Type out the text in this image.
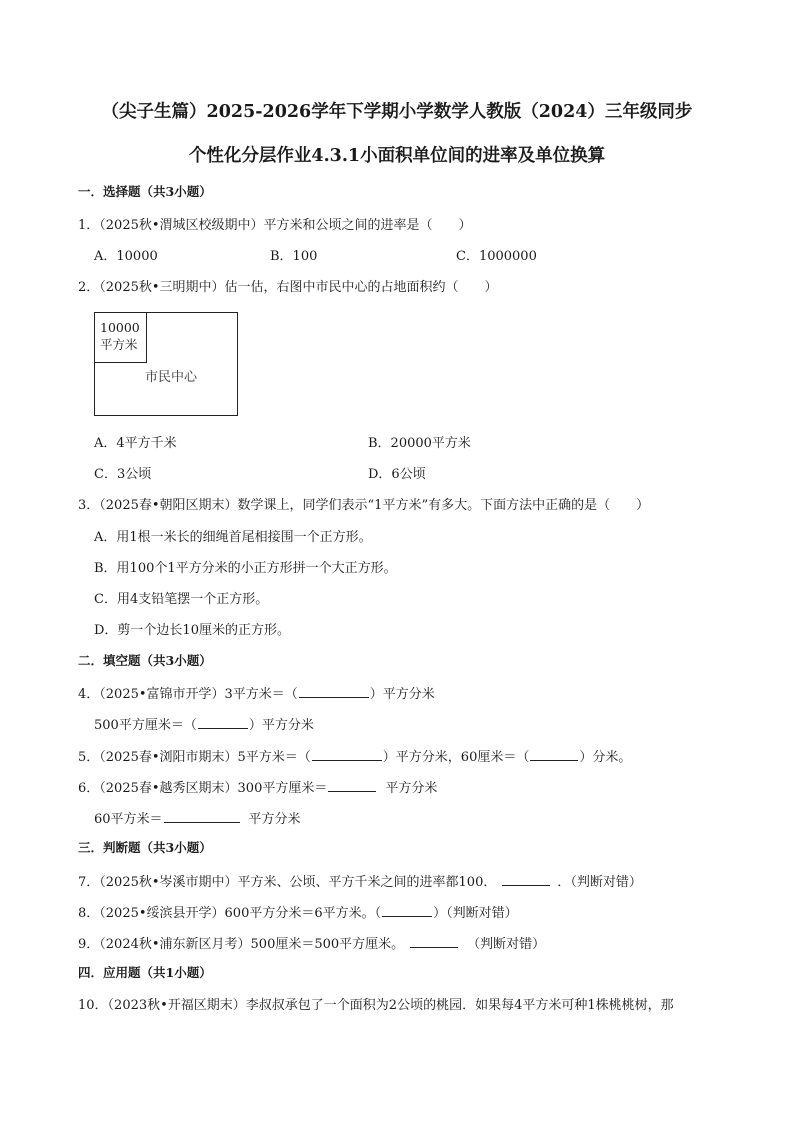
（尖子生篇）2025-2026学年下学期小学数学人教版（2024）三年级同步
个性化分层作业4.3.1小面积单位间的进率及单位换算
一．选择题（共3小题）
1．（2025秋•渭城区校级期中）平方米和公顷之间的进率是（　　）
A．10000	B．100	C．1000000
2．（2025秋•三明期中）估一估，右图中市民中心的占地面积约（　　）
10000
平方米
市民中心
A．4平方千米	B．20000平方米
C．3公顷	D．6公顷
3．（2025春•朝阳区期末）数学课上，同学们表示“1平方米”有多大。下面方法中正确的是（　　）
A．用1根一米长的细绳首尾相接围一个正方形。
B．用100个1平方分米的小正方形拼一个大正方形。
C．用4支铅笔摆一个正方形。
D．剪一个边长10厘米的正方形。
二．填空题（共3小题）
4．（2025•富锦市开学）3平方米＝（	）平方分米
500平方厘米＝（	）平方分米
5．（2025春•浏阳市期末）5平方米＝（	）平方分米，60厘米＝（	）分米。
6．（2025春•越秀区期末）300平方厘米＝	平方分米
60平方米＝	平方分米
三．判断题（共3小题）
7．（2025秋•岑溪市期中）平方米、公顷、平方千米之间的进率都100．	．（判断对错）
8．（2025•绥滨县开学）600平方分米＝6平方米。（	）（判断对错）
9．（2024秋•浦东新区月考）500厘米＝500平方厘米。	（判断对错）
四．应用题（共1小题）
10．（2023秋•开福区期末）李叔叔承包了一个面积为2公顷的桃园．如果每4平方米可种1株桃桃树，那
